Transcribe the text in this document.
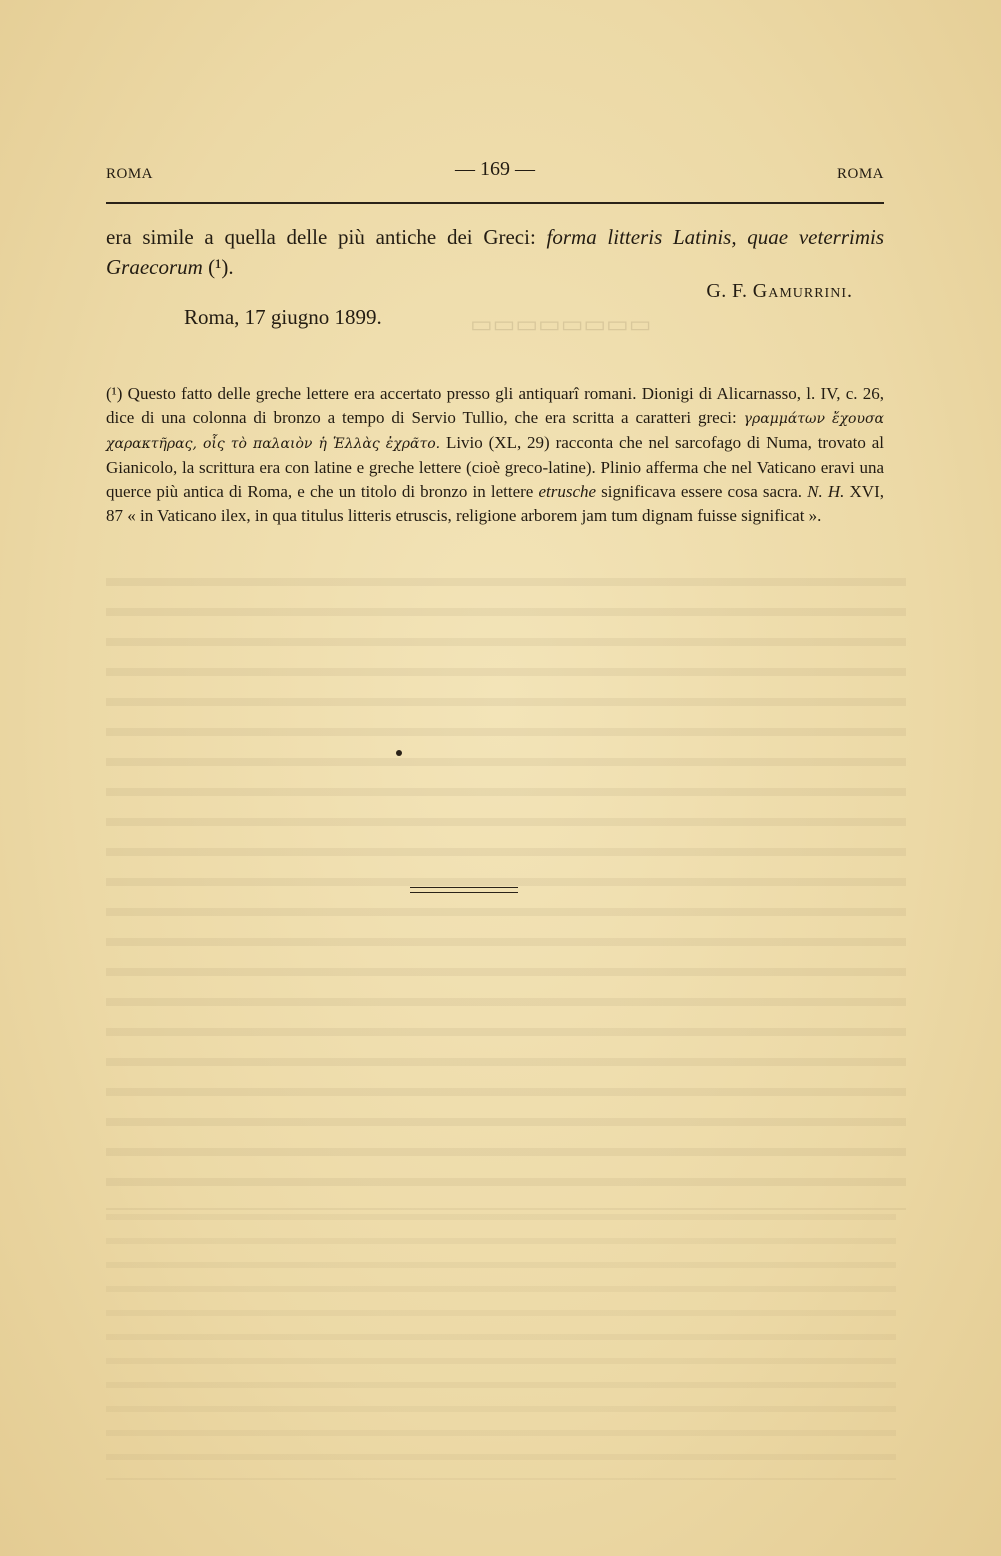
▭▭▭▭▭▭▭▭
ROMA	— 169 —	ROMA
era simile a quella delle più antiche dei Greci: forma litteris Latinis, quae veterrimis Graecorum (¹).
G. F. Gamurrini.
Roma, 17 giugno 1899.
(¹) Questo fatto delle greche lettere era accertato presso gli antiquarî romani. Dionigi di Alicarnasso, l. IV, c. 26, dice di una colonna di bronzo a tempo di Servio Tullio, che era scritta a caratteri greci: γραμμάτων ἔχουσα χαρακτῆρας, οἷς τὸ παλαιὸν ἡ Ἑλλὰς ἐχρᾶτο. Livio (XL, 29) racconta che nel sarcofago di Numa, trovato al Gianicolo, la scrittura era con latine e greche lettere (cioè greco-latine). Plinio afferma che nel Vaticano eravi una querce più antica di Roma, e che un titolo di bronzo in lettere etrusche significava essere cosa sacra. N. H. XVI, 87 « in Vaticano ilex, in qua titulus litteris etruscis, religione arborem jam tum dignam fuisse significat ».
